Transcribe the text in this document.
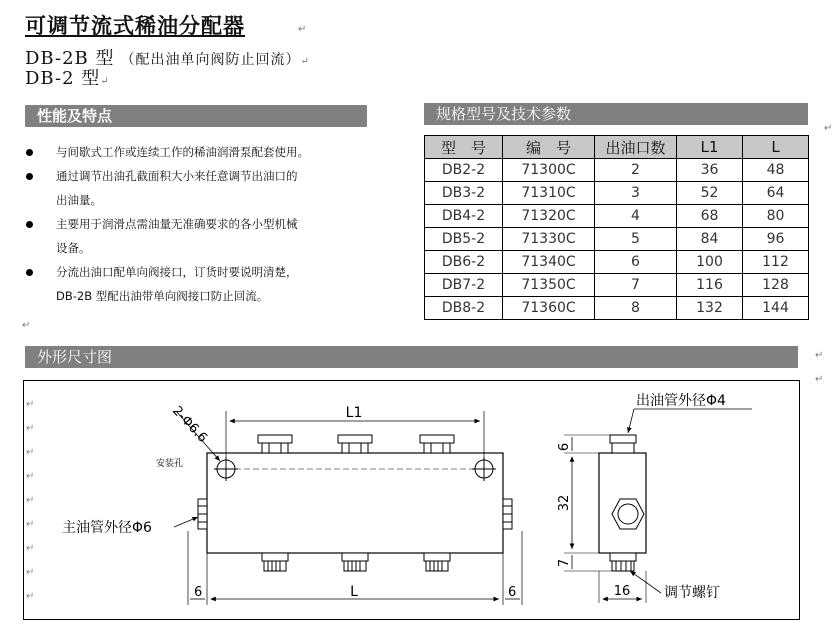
可调节流式稀油分配器	↵
DB-2B 型 （配出油单向阀防止回流）↵
DB-2 型↵
性能及特点
与间歇式工作或连续工作的稀油润滑泵配套使用。
通过调节出油孔截面积大小来任意调节出油口的
出油量。
主要用于润滑点需油量无准确要求的各小型机械
设备。
分流出油口配单向阀接口，订货时要说明清楚，
DB-2B 型配出油带单向阀接口防止回流。
↵
规格型号及技术参数
↵
型　号	编　号	出油口数	L1	L
DB2-2	71300C	2	36	48
DB3-2	71310C	3	52	64
DB4-2	71320C	4	68	80
DB5-2	71330C	5	84	96
DB6-2	71340C	6	100	112
DB7-2	71350C	7	116	128
DB8-2	71360C	8	132	144
外形尺寸图	↵
↵
↵
↵
↵
↵
↵
↵
↵
↵
↵
L1
2-Φ6.6
安装孔
6	L	6
主油管外径Φ6
6
32
7
16
出油管外径Φ4
调节螺钉
